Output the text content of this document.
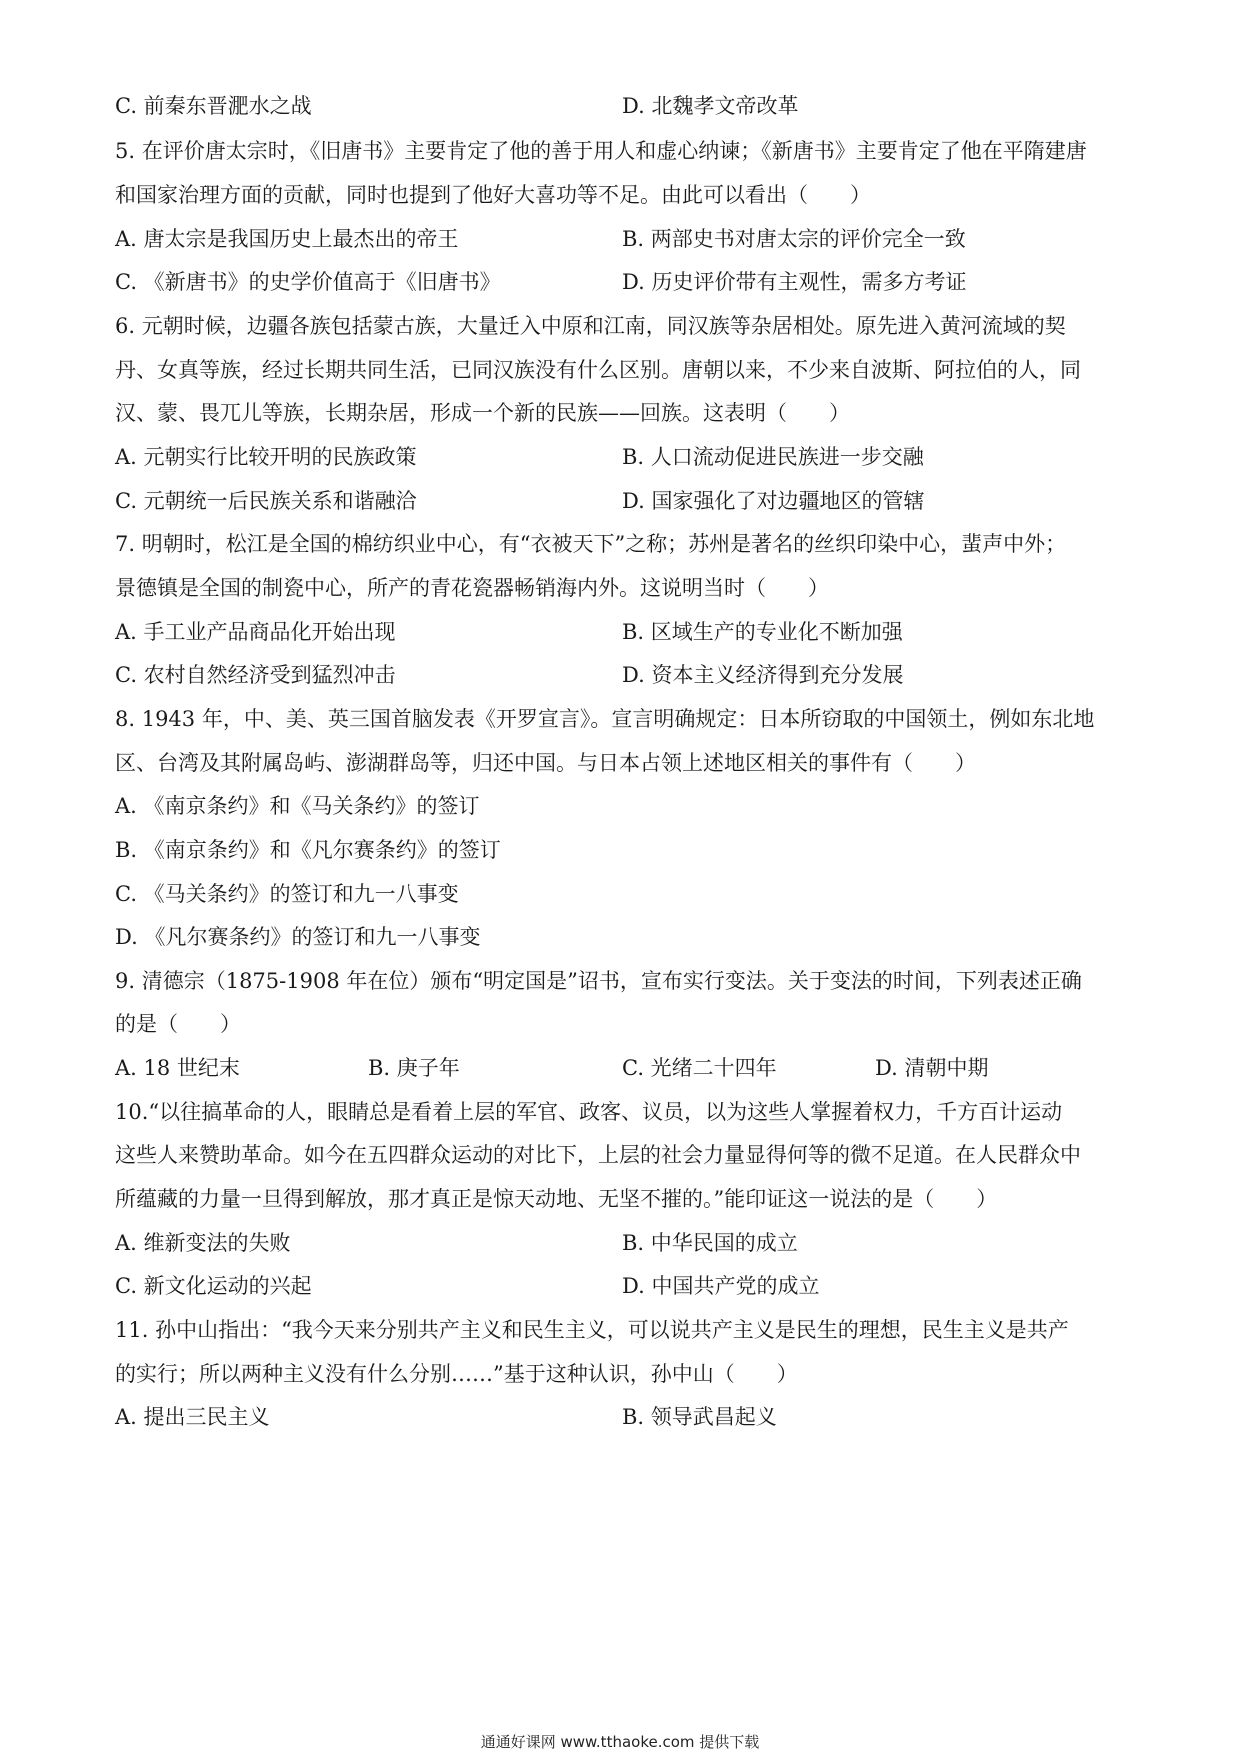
C. 前秦东晋淝水之战	D. 北魏孝文帝改革
5. 在评价唐太宗时，《旧唐书》主要肯定了他的善于用人和虚心纳谏；《新唐书》主要肯定了他在平隋建唐
和国家治理方面的贡献，同时也提到了他好大喜功等不足。由此可以看出（　　）
A. 唐太宗是我国历史上最杰出的帝王	B. 两部史书对唐太宗的评价完全一致
C. 《新唐书》的史学价值高于《旧唐书》	D. 历史评价带有主观性，需多方考证
6. 元朝时候，边疆各族包括蒙古族，大量迁入中原和江南，同汉族等杂居相处。原先进入黄河流域的契
丹、女真等族，经过长期共同生活，已同汉族没有什么区别。唐朝以来，不少来自波斯、阿拉伯的人，同
汉、蒙、畏兀儿等族，长期杂居，形成一个新的民族——回族。这表明（　　）
A. 元朝实行比较开明的民族政策	B. 人口流动促进民族进一步交融
C. 元朝统一后民族关系和谐融洽	D. 国家强化了对边疆地区的管辖
7. 明朝时，松江是全国的棉纺织业中心，有“衣被天下”之称；苏州是著名的丝织印染中心，蜚声中外；
景德镇是全国的制瓷中心，所产的青花瓷器畅销海内外。这说明当时（　　）
A. 手工业产品商品化开始出现	B. 区域生产的专业化不断加强
C. 农村自然经济受到猛烈冲击	D. 资本主义经济得到充分发展
8. 1943 年，中、美、英三国首脑发表《开罗宣言》。宣言明确规定：日本所窃取的中国领土，例如东北地
区、台湾及其附属岛屿、澎湖群岛等，归还中国。与日本占领上述地区相关的事件有（　　）
A. 《南京条约》和《马关条约》的签订
B. 《南京条约》和《凡尔赛条约》的签订
C. 《马关条约》的签订和九一八事变
D. 《凡尔赛条约》的签订和九一八事变
9. 清德宗（1875-1908 年在位）颁布“明定国是”诏书，宣布实行变法。关于变法的时间，下列表述正确
的是（　　）
A. 18 世纪末	B. 庚子年	C. 光绪二十四年	D. 清朝中期
10.“以往搞革命的人，眼睛总是看着上层的军官、政客、议员，以为这些人掌握着权力，千方百计运动
这些人来赞助革命。如今在五四群众运动的对比下，上层的社会力量显得何等的微不足道。在人民群众中
所蕴藏的力量一旦得到解放，那才真正是惊天动地、无坚不摧的。”能印证这一说法的是（　　）
A. 维新变法的失败	B. 中华民国的成立
C. 新文化运动的兴起	D. 中国共产党的成立
11. 孙中山指出：“我今天来分别共产主义和民生主义，可以说共产主义是民生的理想，民生主义是共产
的实行；所以两种主义没有什么分别……”基于这种认识，孙中山（　　）
A. 提出三民主义	B. 领导武昌起义
通通好课网 www.tthaoke.com 提供下载
